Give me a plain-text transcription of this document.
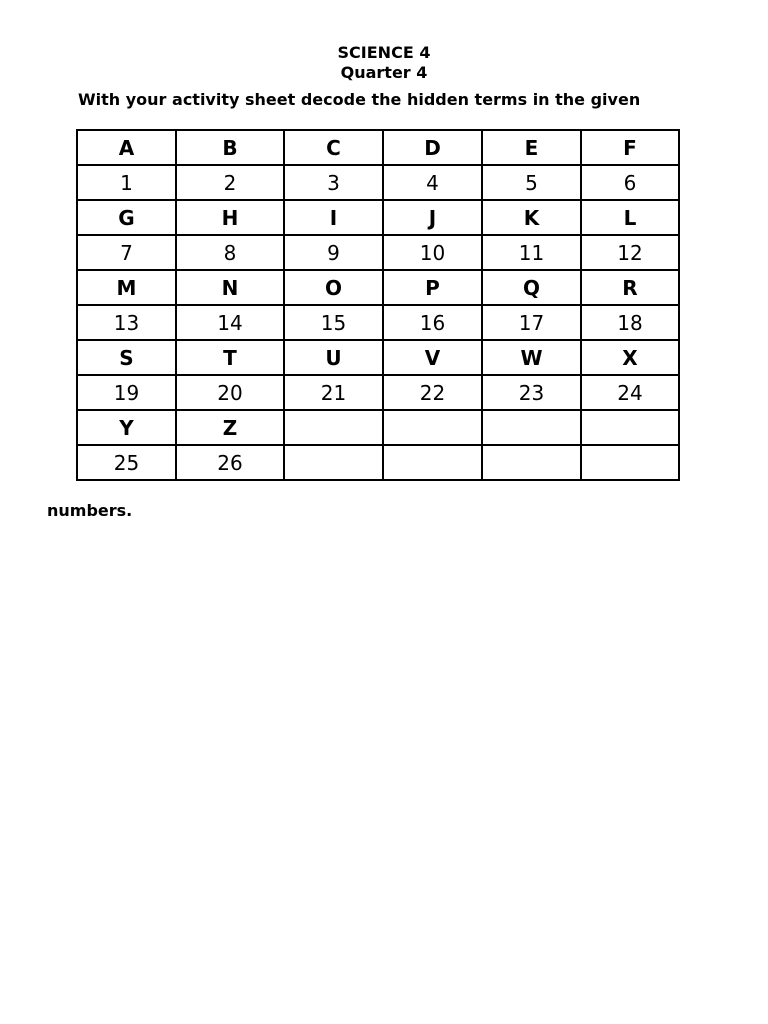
SCIENCE 4
Quarter 4
With your activity sheet decode the hidden terms in the given
A	B	C	D	E	F
1	2	3	4	5	6
G	H	I	J	K	L
7	8	9	10	11	12
M	N	O	P	Q	R
13	14	15	16	17	18
S	T	U	V	W	X
19	20	21	22	23	24
Y	Z				
25	26				
numbers.
